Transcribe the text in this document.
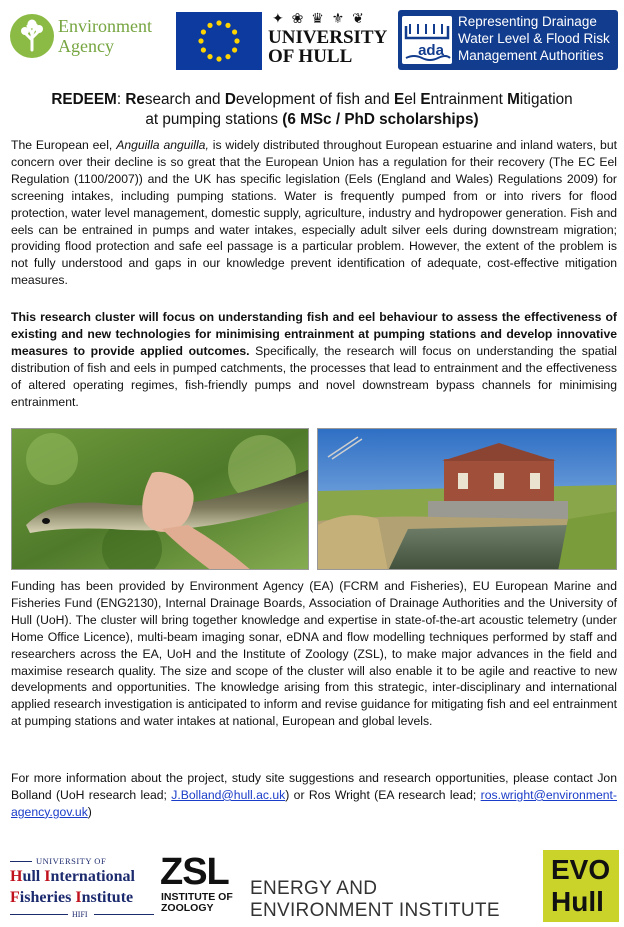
Environment
Agency
✦ ❀ ♛ ⚜ ❦
UNIVERSITY
OF HULL	ada
Representing Drainage
Water Level & Flood Risk
Management Authorities
REDEEM: Research and Development of fish and Eel Entrainment Mitigation
at pumping stations (6 MSc / PhD scholarships)

The European eel, Anguilla anguilla, is widely distributed throughout European estuarine and inland waters, but concern over their decline is so great that the European Union has a regulation for their recovery (The EC Eel Regulation (1100/2007)) and the UK has specific legislation (Eels (England and Wales) Regulations 2009) for screening intakes, including pumping stations. Water is frequently pumped from or into rivers for flood protection, water level management, domestic supply, agriculture, industry and hydropower generation. Fish and eels can be entrained in pumps and water intakes, especially adult silver eels during downstream migration; providing flood protection and safe eel passage is a particular problem. However, the extent of the problem is not fully understood and gaps in our knowledge prevent identification of adequate, cost-effective mitigation measures.

This research cluster will focus on understanding fish and eel behaviour to assess the effectiveness of existing and new technologies for minimising entrainment at pumping stations and develop innovative measures to provide applied outcomes. Specifically, the research will focus on understanding the spatial distribution of fish and eels in pumped catchments, the processes that lead to entrainment and the effectiveness of altered operating regimes, fish-friendly pumps and novel downstream bypass channels for minimising entrainment.

Funding has been provided by Environment Agency (EA) (FCRM and Fisheries), EU European Marine and Fisheries Fund (ENG2130), Internal Drainage Boards, Association of Drainage Authorities and the University of Hull (UoH). The cluster will bring together knowledge and expertise in state-of-the-art acoustic telemetry (under Home Office Licence), multi-beam imaging sonar, eDNA and flow modelling techniques performed by staff and researchers across the EA, UoH and the Institute of Zoology (ZSL), to make major advances in the field and maximise research quality. The size and scope of the cluster will also enable it to be agile and reactive to new developments and opportunities. The knowledge arising from this strategic, inter-disciplinary and international applied research investigation is anticipated to inform and revise guidance for mitigating fish and eel entrainment at pumping stations and water intakes at national, European and global levels.

For more information about the project, study site suggestions and research opportunities, please contact Jon Bolland (UoH research lead; J.Bolland@hull.ac.uk) or Ros Wright (EA research lead; ros.wright@environment-agency.gov.uk)

UNIVERSITY OF
Hull International
Fisheries Institute
HIFI
ZSL
INSTITUTE OF
ZOOLOGY
ENERGY AND
ENVIRONMENT INSTITUTE
EVO
Hull
